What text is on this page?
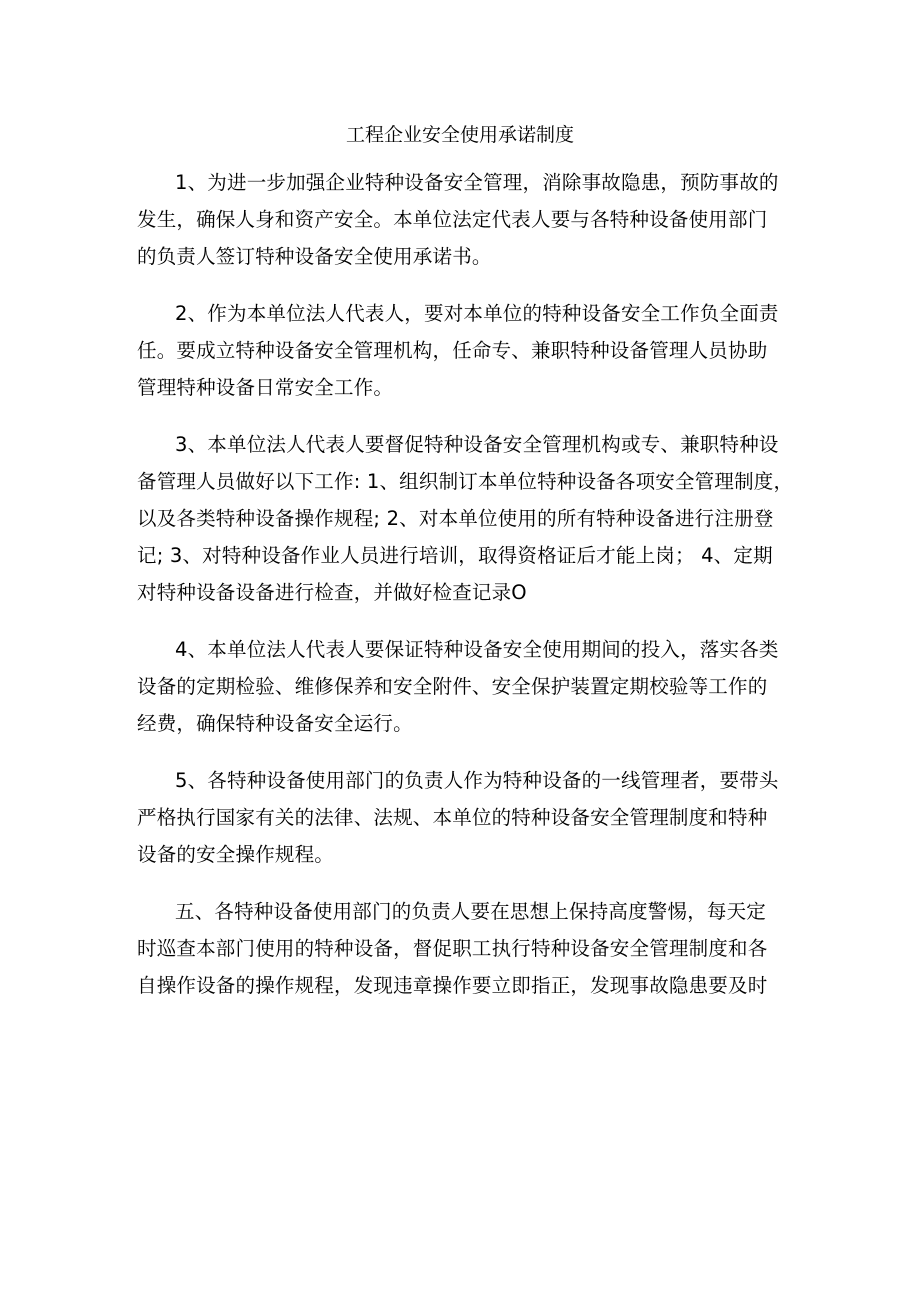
工程企业安全使用承诺制度
1、为进一步加强企业特种设备安全管理，消除事故隐患，预防事故的
发生，确保人身和资产安全。本单位法定代表人要与各特种设备使用部门
的负责人签订特种设备安全使用承诺书。
2、作为本单位法人代表人，要对本单位的特种设备安全工作负全面责
任。要成立特种设备安全管理机构，任命专、兼职特种设备管理人员协助
管理特种设备日常安全工作。
3、本单位法人代表人要督促特种设备安全管理机构或专、兼职特种设
备管理人员做好以下工作: 1、组织制订本单位特种设备各项安全管理制度，
以及各类特种设备操作规程; 2、对本单位使用的所有特种设备进行注册登
记; 3、对特种设备作业人员进行培训，取得资格证后才能上岗； 4、定期
对特种设备设备进行检查，并做好检查记录O
4、本单位法人代表人要保证特种设备安全使用期间的投入，落实各类
设备的定期检验、维修保养和安全附件、安全保护装置定期校验等工作的
经费，确保特种设备安全运行。
5、各特种设备使用部门的负责人作为特种设备的一线管理者，要带头
严格执行国家有关的法律、法规、本单位的特种设备安全管理制度和特种
设备的安全操作规程。
五、各特种设备使用部门的负责人要在思想上保持高度警惕，每天定
时巡查本部门使用的特种设备，督促职工执行特种设备安全管理制度和各
自操作设备的操作规程，发现违章操作要立即指正，发现事故隐患要及时
